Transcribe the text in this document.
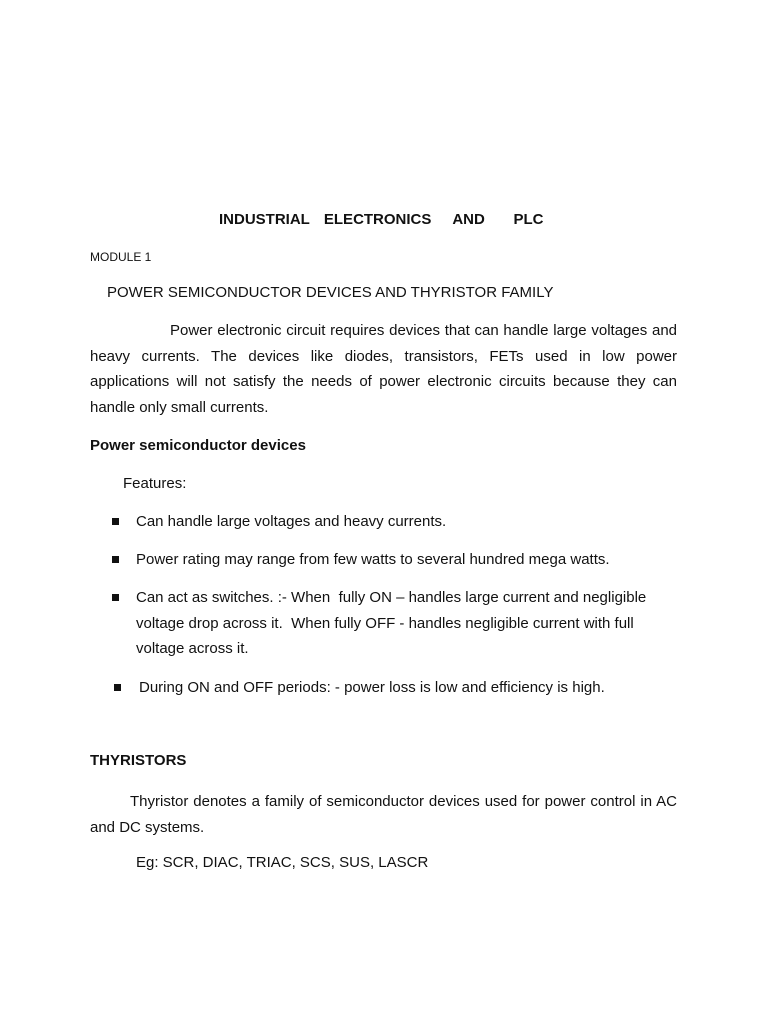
INDUSTRIAL  ELECTRONICS   AND    PLC
MODULE 1
POWER SEMICONDUCTOR DEVICES AND THYRISTOR FAMILY
Power electronic circuit requires devices that can handle large voltages and heavy currents. The devices like diodes, transistors, FETs used in low power applications will not satisfy the needs of power electronic circuits because they can handle only small currents.
Power semiconductor devices
Features:
Can handle large voltages and heavy currents.
Power rating may range from few watts to several hundred mega watts.
Can act as switches. :- When  fully ON – handles large current and negligible voltage drop across it.  When fully OFF - handles negligible current with full voltage across it.
During ON and OFF periods: - power loss is low and efficiency is high.
THYRISTORS
Thyristor denotes a family of semiconductor devices used for power control in AC and DC systems.
Eg: SCR, DIAC, TRIAC, SCS, SUS, LASCR
